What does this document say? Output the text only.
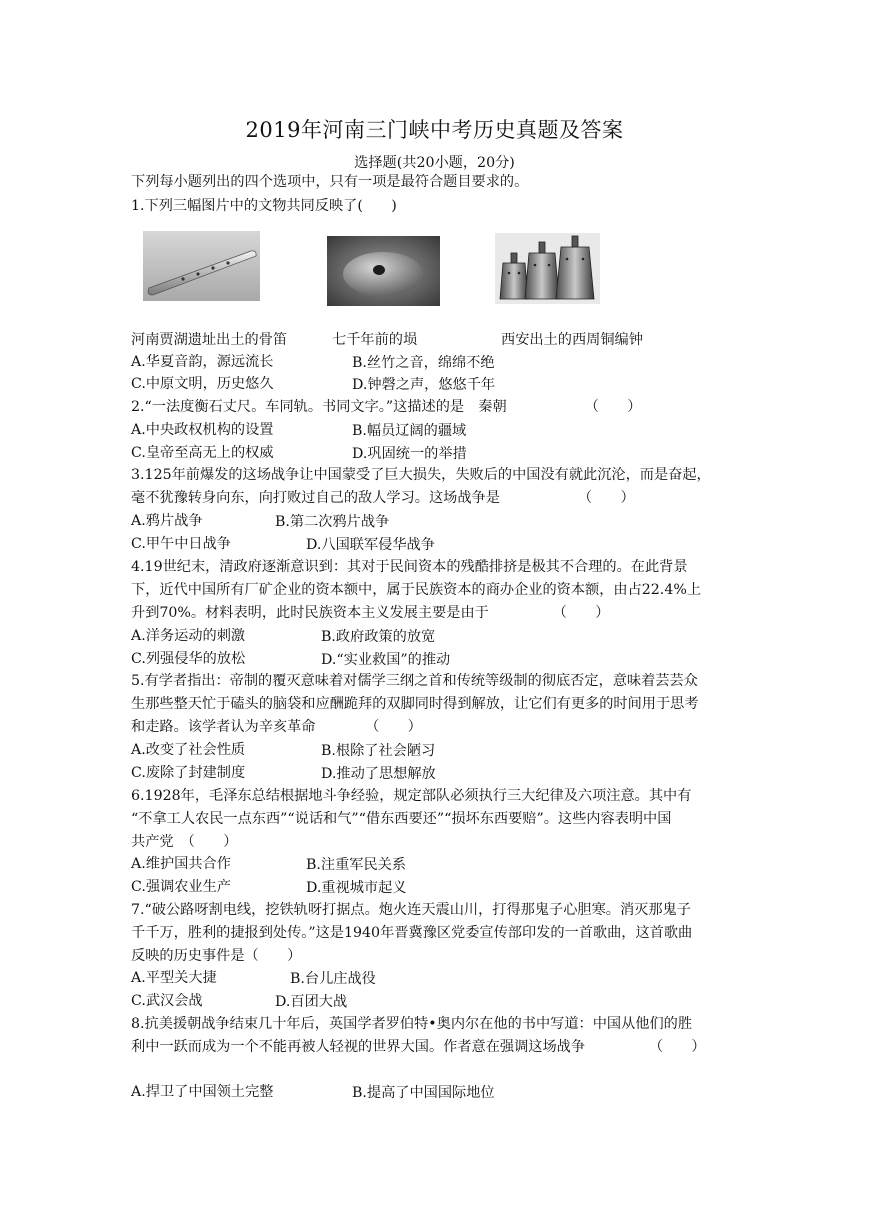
2019年河南三门峡中考历史真题及答案
选择题(共20小题，20分)
下列每小题列出的四个选项中，只有一项是最符合题目要求的。
1.下列三幅图片中的文物共同反映了(　　)
河南贾湖遗址出土的骨笛	七千年前的埙	西安出土的西周铜编钟
A.华夏音韵，源远流长	B.丝竹之音，绵绵不绝
C.中原文明，历史悠久	D.钟磬之声，悠悠千年
2.“一法度衡石丈尺。车同轨。书同文字。”这描述的是　秦朝　　　　　　（　　）
A.中央政权机构的设置	B.幅员辽阔的疆域
C.皇帝至高无上的权威	D.巩固统一的举措
3.125年前爆发的这场战争让中国蒙受了巨大损失，失败后的中国没有就此沉沦，而是奋起，
毫不犹豫转身向东，向打败过自己的敌人学习。这场战争是　　　　　　（　　）
A.鸦片战争	B.第二次鸦片战争
C.甲午中日战争	D.八国联军侵华战争
4.19世纪末，清政府逐渐意识到：其对于民间资本的残酷排挤是极其不合理的。在此背景
下，近代中国所有厂矿企业的资本额中，属于民族资本的商办企业的资本额，由占22.4%上
升到70%。材料表明，此时民族资本主义发展主要是由于　　　　　（　　）
A.洋务运动的刺激	B.政府政策的放宽
C.列强侵华的放松	D.“实业救国”的推动
5.有学者指出：帝制的覆灭意味着对儒学三纲之首和传统等级制的彻底否定，意味着芸芸众
生那些整天忙于磕头的脑袋和应酬跪拜的双脚同时得到解放，让它们有更多的时间用于思考
和走路。该学者认为辛亥革命　　　　（　　）
A.改变了社会性质	B.根除了社会陋习
C.废除了封建制度	D.推动了思想解放
6.1928年，毛泽东总结根据地斗争经验，规定部队必须执行三大纪律及六项注意。其中有
“不拿工人农民一点东西”“说话和气”“借东西要还”“损坏东西要赔”。这些内容表明中国
共产党　（　　）
A.维护国共合作	B.注重军民关系
C.强调农业生产	D.重视城市起义
7.“破公路呀割电线，挖铁轨呀打据点。炮火连天震山川，打得那鬼子心胆寒。消灭那鬼子
千千万，胜利的捷报到处传。”这是1940年晋冀豫区党委宣传部印发的一首歌曲，这首歌曲
反映的历史事件是（　　）
A.平型关大捷	B.台儿庄战役
C.武汉会战	D.百团大战
8.抗美援朝战争结束几十年后，英国学者罗伯特•奥内尔在他的书中写道：中国从他们的胜
利中一跃而成为一个不能再被人轻视的世界大国。作者意在强调这场战争　　　　　（　　）
A.捍卫了中国领土完整	B.提高了中国国际地位
